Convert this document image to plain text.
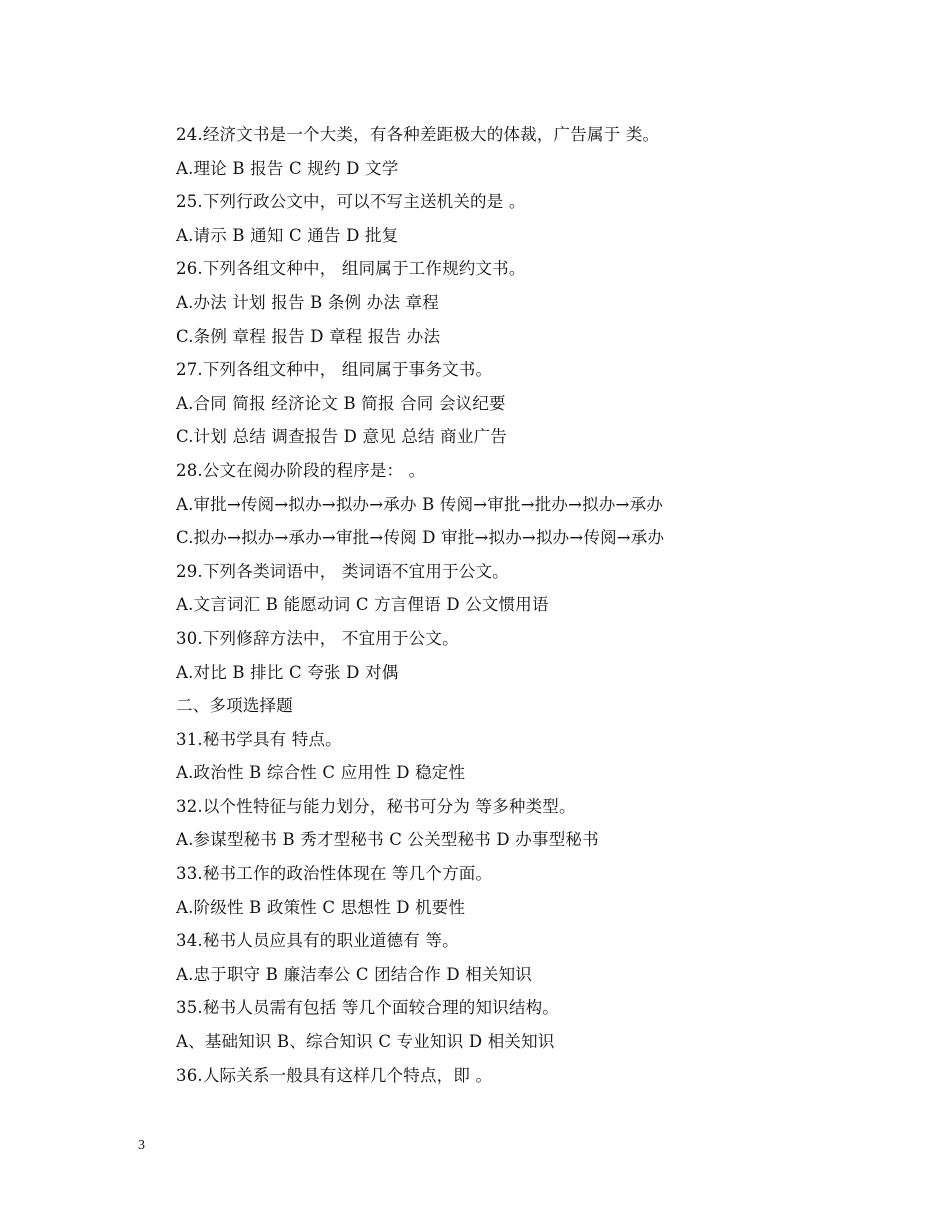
24.经济文书是一个大类，有各种差距极大的体裁，广告属于 类。
A.理论 B 报告 C 规约 D 文学
25.下列行政公文中，可以不写主送机关的是 。
A.请示 B 通知 C 通告 D 批复
26.下列各组文种中， 组同属于工作规约文书。
A.办法 计划 报告 B 条例 办法 章程
C.条例 章程 报告 D 章程 报告 办法
27.下列各组文种中， 组同属于事务文书。
A.合同 简报 经济论文 B 简报 合同 会议纪要
C.计划 总结 调查报告 D 意见 总结 商业广告
28.公文在阅办阶段的程序是： 。
A.审批→传阅→拟办→拟办→承办 B 传阅→审批→批办→拟办→承办
C.拟办→拟办→承办→审批→传阅 D 审批→拟办→拟办→传阅→承办
29.下列各类词语中， 类词语不宜用于公文。
A.文言词汇 B 能愿动词 C 方言俚语 D 公文惯用语
30.下列修辞方法中， 不宜用于公文。
A.对比 B 排比 C 夸张 D 对偶
二、多项选择题
31.秘书学具有 特点。
A.政治性 B 综合性 C 应用性 D 稳定性
32.以个性特征与能力划分，秘书可分为 等多种类型。
A.参谋型秘书 B 秀才型秘书 C 公关型秘书 D 办事型秘书
33.秘书工作的政治性体现在 等几个方面。
A.阶级性 B 政策性 C 思想性 D 机要性
34.秘书人员应具有的职业道德有 等。
A.忠于职守 B 廉洁奉公 C 团结合作 D 相关知识
35.秘书人员需有包括 等几个面较合理的知识结构。
A、基础知识 B、综合知识 C 专业知识 D 相关知识
36.人际关系一般具有这样几个特点，即 。
3
